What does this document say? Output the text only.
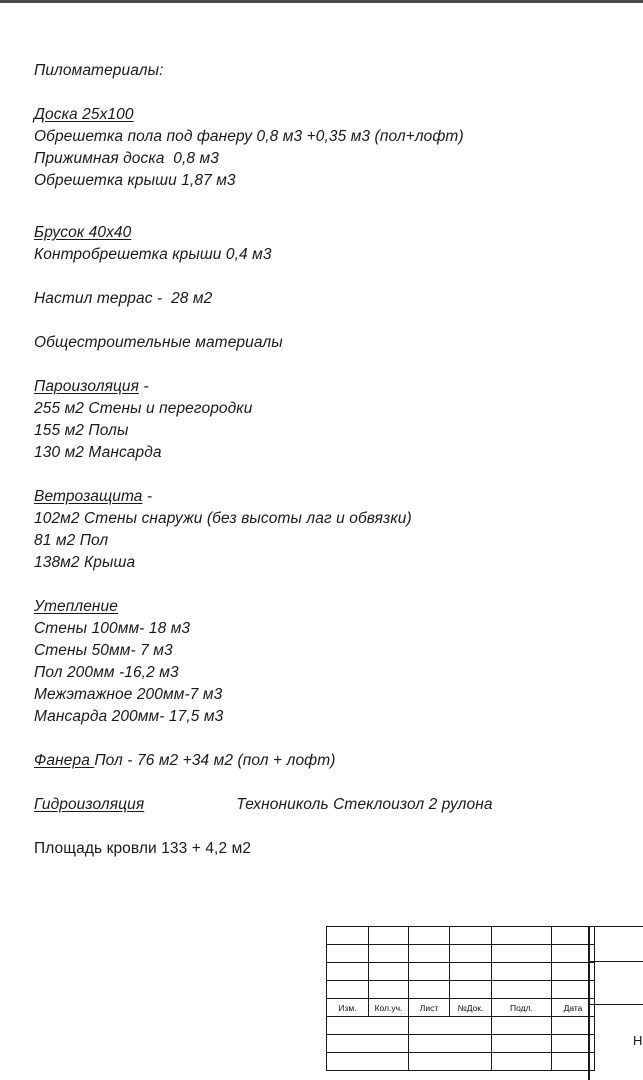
Пиломатериалы:
Доска 25x100
Обрешетка пола под фанеру 0,8 м3 +0,35 м3 (пол+лофт)
Прижимная доска  0,8 м3
Обрешетка крыши 1,87 м3
Брусок 40х40
Контробрешетка крыши 0,4 м3
Настил террас -  28 м2
Общестроительные материалы
Пароизоляция -
255 м2 Стены и перегородки
155 м2 Полы
130 м2 Мансарда
Ветрозащита -
102м2 Стены снаружи (без высоты лаг и обвязки)
81 м2 Пол
138м2 Крыша
Утепление
Стены 100мм- 18 м3
Стены 50мм- 7 м3
Пол 200мм -16,2 м3
Межэтажное 200мм-7 м3
Мансарда 200мм- 17,5 м3
Фанера Пол - 76 м2 +34 м2 (пол + лофт)
Гидроизоляция	Технониколь Стеклоизол 2 рулона
Площадь кровли 133 + 4,2 м2

Изм.	Кол.уч.	Лист	№Док.	Подл.	Дата

Н
